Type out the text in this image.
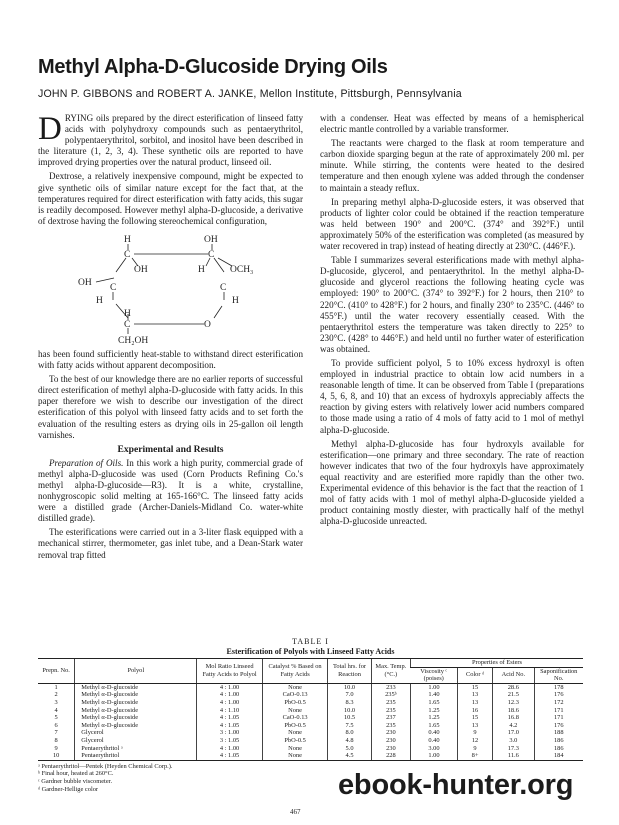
Methyl Alpha-D-Glucoside Drying Oils

JOHN P. GIBBONS and ROBERT A. JANKE, Mellon Institute, Pittsburgh, Pennsylvania

DRYING oils prepared by the direct esterification of linseed fatty acids with polyhydroxy compounds such as pentaerythritol, polypentaerythritol, sorbitol, and inositol have been described in the literature (1, 2, 3, 4). These synthetic oils are reported to have improved drying properties over the natural product, linseed oil.

Dextrose, a relatively inexpensive compound, might be expected to give synthetic oils of similar nature except for the fact that, at the temperatures required for direct esterification with fatty acids, this sugar is readily decomposed. However methyl alpha-D-glucoside, a derivative of dextrose having the following stereochemical configuration,

H	OH
C	C
OH	H	OCH₃
OH C
H
C
H
H
C	O
CH₂OH

has been found sufficiently heat-stable to withstand direct esterification with fatty acids without apparent decomposition.

To the best of our knowledge there are no earlier reports of successful direct esterification of methyl alpha-D-glucoside with fatty acids. In this paper therefore we wish to describe our investigation of the direct esterification of this polyol with linseed fatty acids and to set forth the evaluation of the resulting esters as drying oils in 25-gallon oil length varnishes.

Experimental and Results

Preparation of Oils. In this work a high purity, commercial grade of methyl alpha-D-glucoside was used (Corn Products Refining Co.'s methyl alpha-D-glucoside—R3). It is a white, crystalline, nonhygroscopic solid melting at 165-166°C. The linseed fatty acids were a distilled grade (Archer-Daniels-Midland Co. water-white distilled grade).

The esterifications were carried out in a 3-liter flask equipped with a mechanical stirrer, thermometer, gas inlet tube, and a Dean-Stark water removal trap fitted

with a condenser. Heat was effected by means of a hemispherical electric mantle controlled by a variable transformer.

The reactants were charged to the flask at room temperature and carbon dioxide sparging begun at the rate of approximately 200 ml. per minute. While stirring, the contents were heated to the desired temperature and then enough xylene was added through the condenser to maintain a steady reflux.

In preparing methyl alpha-D-glucoside esters, it was observed that products of lighter color could be obtained if the reaction temperature was held between 190° and 200°C. (374° and 392°F.) until approximately 50% of the esterification was completed (as measured by water recovered in trap) instead of heating directly at 230°C. (446°F.).

Table I summarizes several esterifications made with methyl alpha-D-glucoside, glycerol, and pentaerythritol. In the methyl alpha-D-glucoside and glycerol reactions the following heating cycle was employed: 190° to 200°C. (374° to 392°F.) for 2 hours, then 210° to 220°C. (410° to 428°F.) for 2 hours, and finally 230° to 235°C. (446° to 455°F.) until the water recovery essentially ceased. With the pentaerythritol esters the temperature was taken directly to 225° to 230°C. (428° to 446°F.) and held until no further water of esterification was obtained.

To provide sufficient polyol, 5 to 10% excess hydroxyl is often employed in industrial practice to obtain low acid numbers in a reasonable length of time. It can be observed from Table I (preparations 4, 5, 6, 8, and 10) that an excess of hydroxyls appreciably affects the reaction by giving esters with relatively lower acid numbers compared to those made using a ratio of 4 mols of fatty acid to 1 mol of methyl alpha-D-glucoside.

Methyl alpha-D-glucoside has four hydroxyls available for esterification—one primary and three secondary. The rate of reaction however indicates that two of the four hydroxyls have approximately equal reactivity and are esterified more rapidly than the other two. Experimental evidence of this behavior is the fact that the reaction of 1 mol of fatty acids with 1 mol of methyl alpha-D-glucoside yielded a product containing mostly diester, with practically half of the methyl alpha-D-glucoside unreacted.

TABLE I

Esterification of Polyols with Linseed Fatty Acids

Prepn. No.	Polyol	Mol Ratio Linseed Fatty Acids to Polyol	Catalyst % Based on Fatty Acids	Total hrs. for Reaction	Max. Temp. (°C.)	Properties of Esters			
						Viscosity ᶜ (poises)	Color ᵈ	Acid No.	Saponification No.
1	Methyl α-D-glucoside	4 : 1.00	None	10.0	233	1.00	15	28.6	178
2	Methyl α-D-glucoside	4 : 1.00	CaO-0.13	7.0	235ᵇ	1.40	13	21.5	176
3	Methyl α-D-glucoside	4 : 1.00	PbO-0.5	8.3	235	1.65	13	12.3	172
4	Methyl α-D-glucoside	4 : 1.10	None	10.0	235	1.25	16	18.6	171
5	Methyl α-D-glucoside	4 : 1.05	CaO-0.13	10.5	237	1.25	15	16.8	171
6	Methyl α-D-glucoside	4 : 1.05	PbO-0.5	7.5	235	1.65	13	4.2	176
7	Glycerol	3 : 1.00	None	8.0	230	0.40	9	17.0	188
8	Glycerol	3 : 1.05	PbO-0.5	4.8	230	0.40	12	3.0	186
9	Pentaerythritol ᵃ	4 : 1.00	None	5.0	230	3.00	9	17.3	186
10	Pentaerythritol	4 : 1.05	None	4.5	228	1.00	8+	11.6	184
ᵃ Pentaerythritol—Pentek (Heyden Chemical Corp.).
ᵇ Final hour, heated at 260°C.
ᶜ Gardner bubble viscometer.
ᵈ Gardner-Hellige color
467

ebook-hunter.org
